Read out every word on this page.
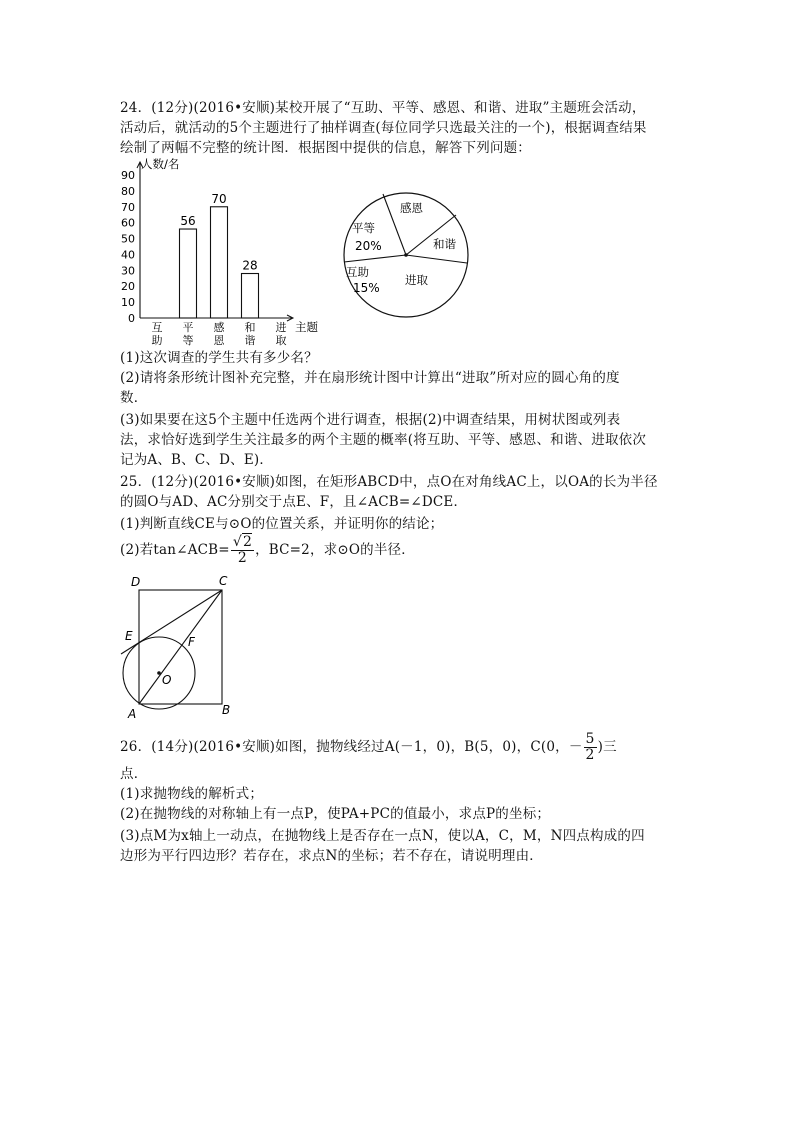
24．(12分)(2016•安顺)某校开展了“互助、平等、感恩、和谐、进取”主题班会活动，
活动后，就活动的5个主题进行了抽样调查(每位同学只选最关注的一个)，根据调查结果
绘制了两幅不完整的统计图．根据图中提供的信息，解答下列问题：
人数/名
主题
0
10
20
30
40
50
60
70
80
90
56
70
28
互
助
平
等
感
恩
和
谐
进
取
感恩
和谐
进取
互助
15%
平等
20%
(1)这次调查的学生共有多少名？
(2)请将条形统计图补充完整，并在扇形统计图中计算出“进取”所对应的圆心角的度
数．
(3)如果要在这5个主题中任选两个进行调查，根据(2)中调查结果，用树状图或列表
法，求恰好选到学生关注最多的两个主题的概率(将互助、平等、感恩、和谐、进取依次
记为A、B、C、D、E)．
25．(12分)(2016•安顺)如图，在矩形ABCD中，点O在对角线AC上，以OA的长为半径
的圆O与AD、AC分别交于点E、F，且∠ACB=∠DCE．
(1)判断直线CE与⊙O的位置关系，并证明你的结论；
(2)若tan∠ACB= $\frac{√2}{2}$ ，BC=2，求⊙O的半径．
D	C
E	F
O
A	B
26．(14分)(2016•安顺)如图，抛物线经过A(－1，0)，B(5，0)，C(0，－ $\frac{5}{2}$ )三
点．
(1)求抛物线的解析式；
(2)在抛物线的对称轴上有一点P，使PA+PC的值最小，求点P的坐标；
(3)点M为x轴上一动点，在抛物线上是否存在一点N，使以A，C，M，N四点构成的四
边形为平行四边形？若存在，求点N的坐标；若不存在，请说明理由．
